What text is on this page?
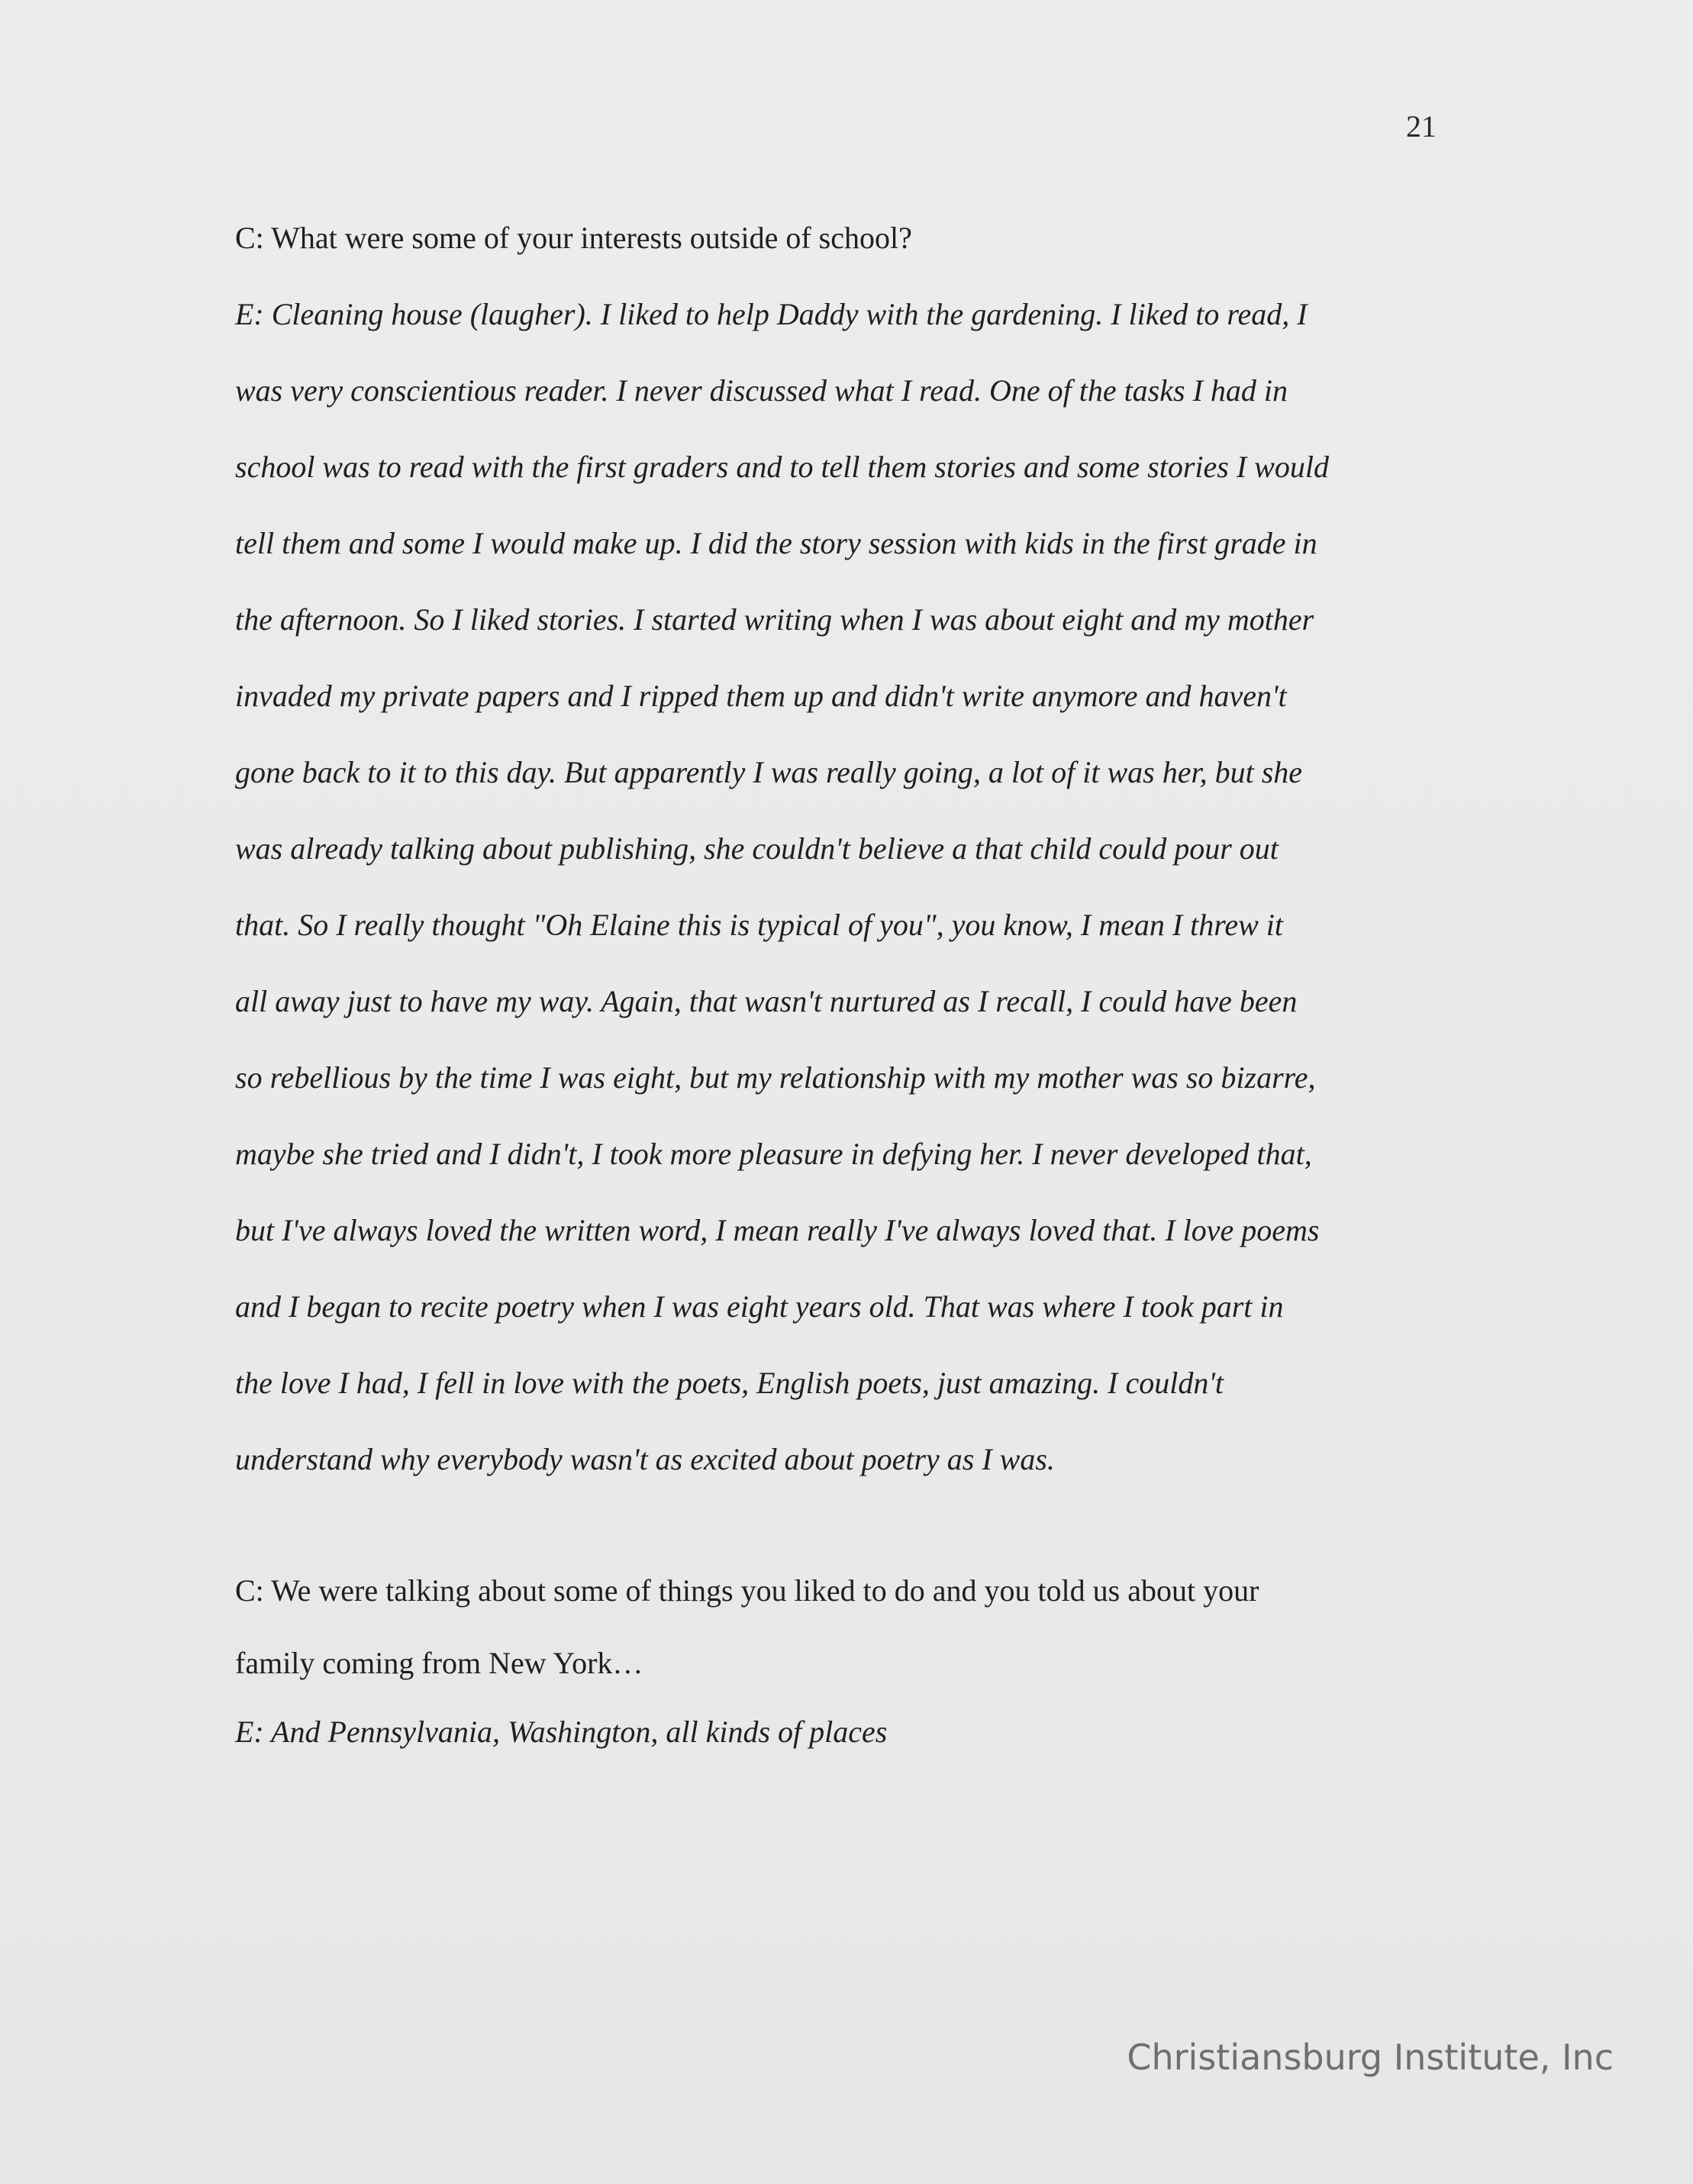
21
C: What were some of your interests outside of school?
E: Cleaning house (laugher). I liked to help Daddy with the gardening. I liked to read, I
was very conscientious reader. I never discussed what I read. One of the tasks I had in
school was to read with the first graders and to tell them stories and some stories I would
tell them and some I would make up. I did the story session with kids in the first grade in
the afternoon. So I liked stories. I started writing when I was about eight and my mother
invaded my private papers and I ripped them up and didn't write anymore and haven't
gone back to it to this day. But apparently I was really going, a lot of it was her, but she
was already talking about publishing, she couldn't believe a that child could pour out
that. So I really thought "Oh Elaine this is typical of you", you know, I mean I threw it
all away just to have my way. Again, that wasn't nurtured as I recall, I could have been
so rebellious by the time I was eight, but my relationship with my mother was so bizarre,
maybe she tried and I didn't, I took more pleasure in defying her. I never developed that,
but I've always loved the written word, I mean really I've always loved that. I love poems
and I began to recite poetry when I was eight years old. That was where I took part in
the love I had, I fell in love with the poets, English poets, just amazing. I couldn't
understand why everybody wasn't as excited about poetry as I was.
C: We were talking about some of things you liked to do and you told us about your
family coming from New York…
E: And Pennsylvania, Washington, all kinds of places
Christiansburg Institute, Inc
